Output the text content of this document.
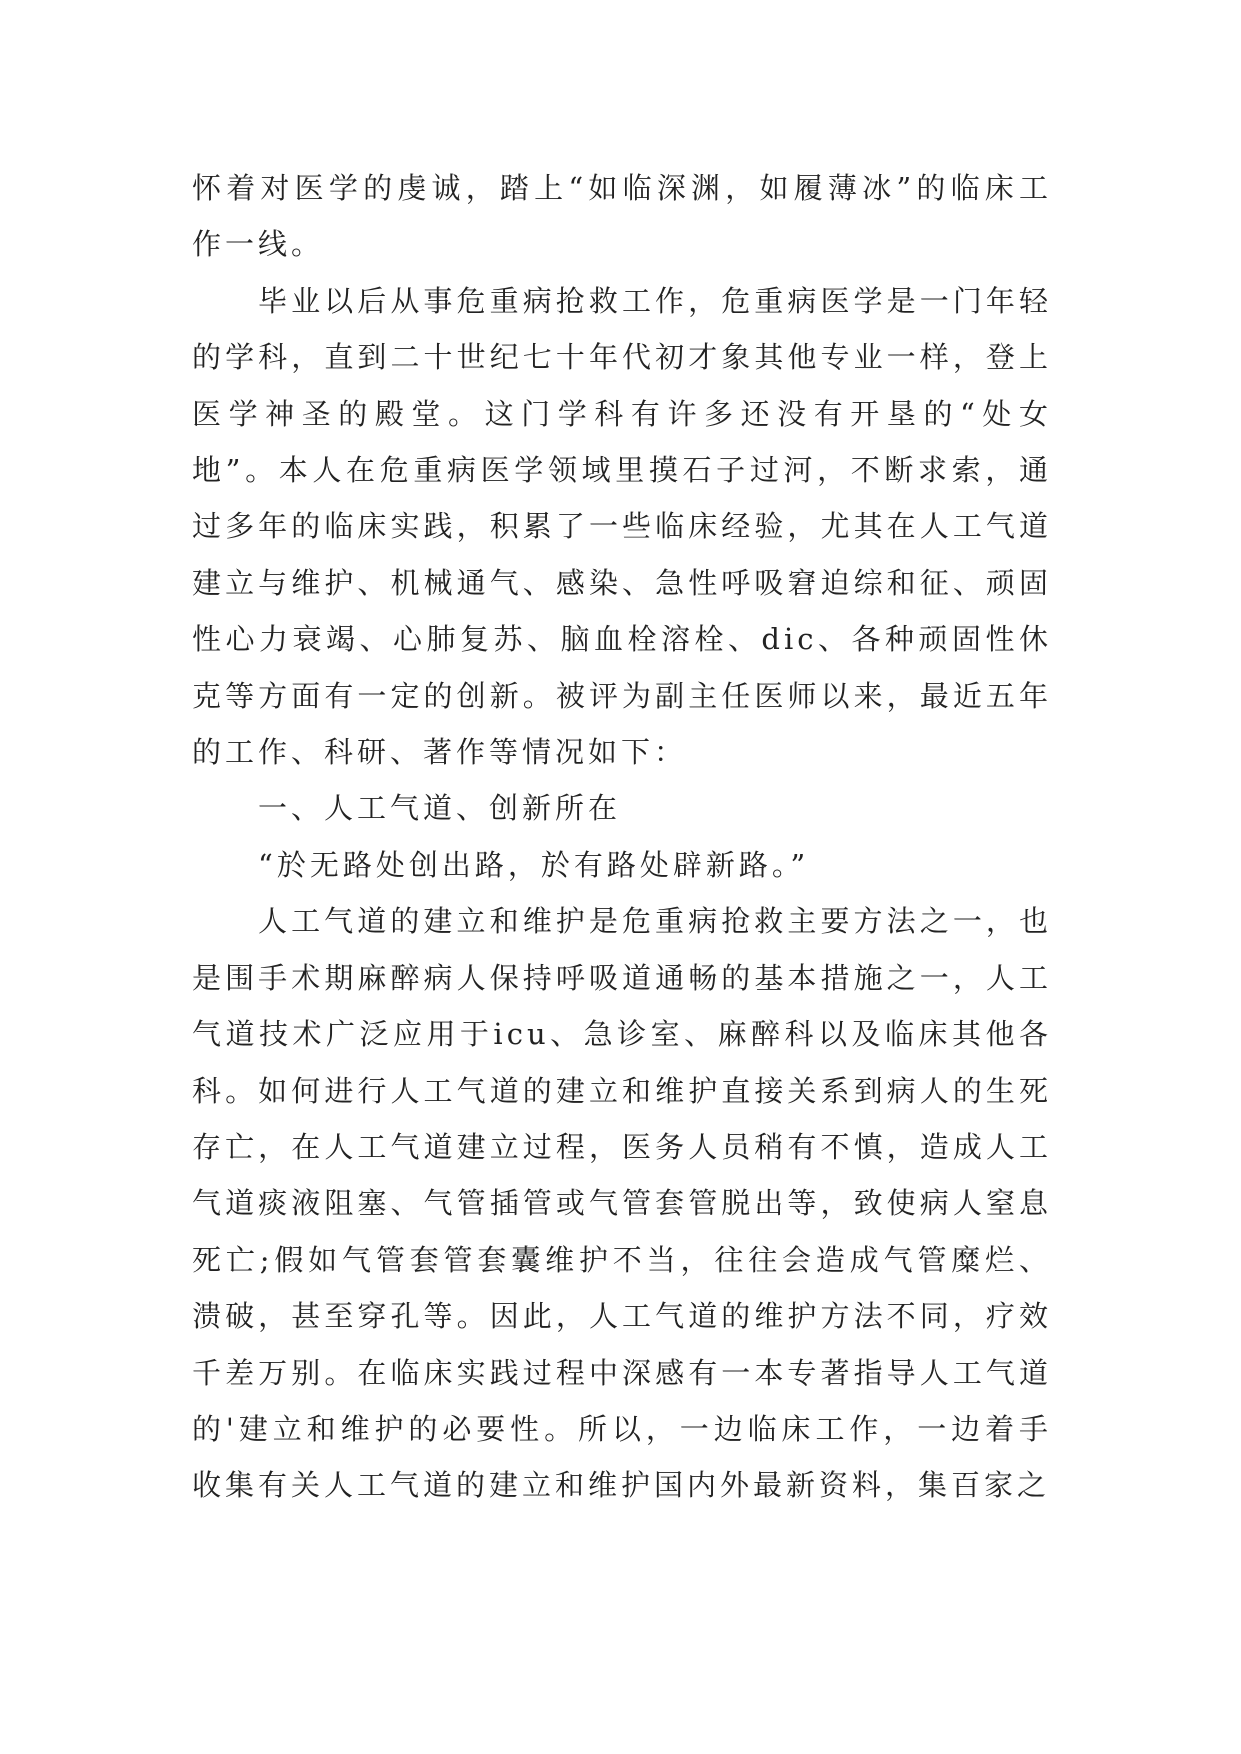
怀着对医学的虔诚，踏上“如临深渊，如履薄冰”的临床工作一线。

毕业以后从事危重病抢救工作，危重病医学是一门年轻的学科，直到二十世纪七十年代初才象其他专业一样，登上医学神圣的殿堂。这门学科有许多还没有开垦的“处女地”。本人在危重病医学领域里摸石子过河，不断求索，通过多年的临床实践，积累了一些临床经验，尤其在人工气道建立与维护、机械通气、感染、急性呼吸窘迫综和征、顽固性心力衰竭、心肺复苏、脑血栓溶栓、dic、各种顽固性休克等方面有一定的创新。被评为副主任医师以来，最近五年的工作、科研、著作等情况如下：

一、人工气道、创新所在

“於无路处创出路，於有路处辟新路。”

人工气道的建立和维护是危重病抢救主要方法之一，也是围手术期麻醉病人保持呼吸道通畅的基本措施之一，人工气道技术广泛应用于icu、急诊室、麻醉科以及临床其他各科。如何进行人工气道的建立和维护直接关系到病人的生死存亡，在人工气道建立过程，医务人员稍有不慎，造成人工气道痰液阻塞、气管插管或气管套管脱出等，致使病人窒息死亡;假如气管套管套囊维护不当，往往会造成气管糜烂、溃破，甚至穿孔等。因此，人工气道的维护方法不同，疗效千差万别。在临床实践过程中深感有一本专著指导人工气道的'建立和维护的必要性。所以，一边临床工作，一边着手收集有关人工气道的建立和维护国内外最新资料，集百家之
